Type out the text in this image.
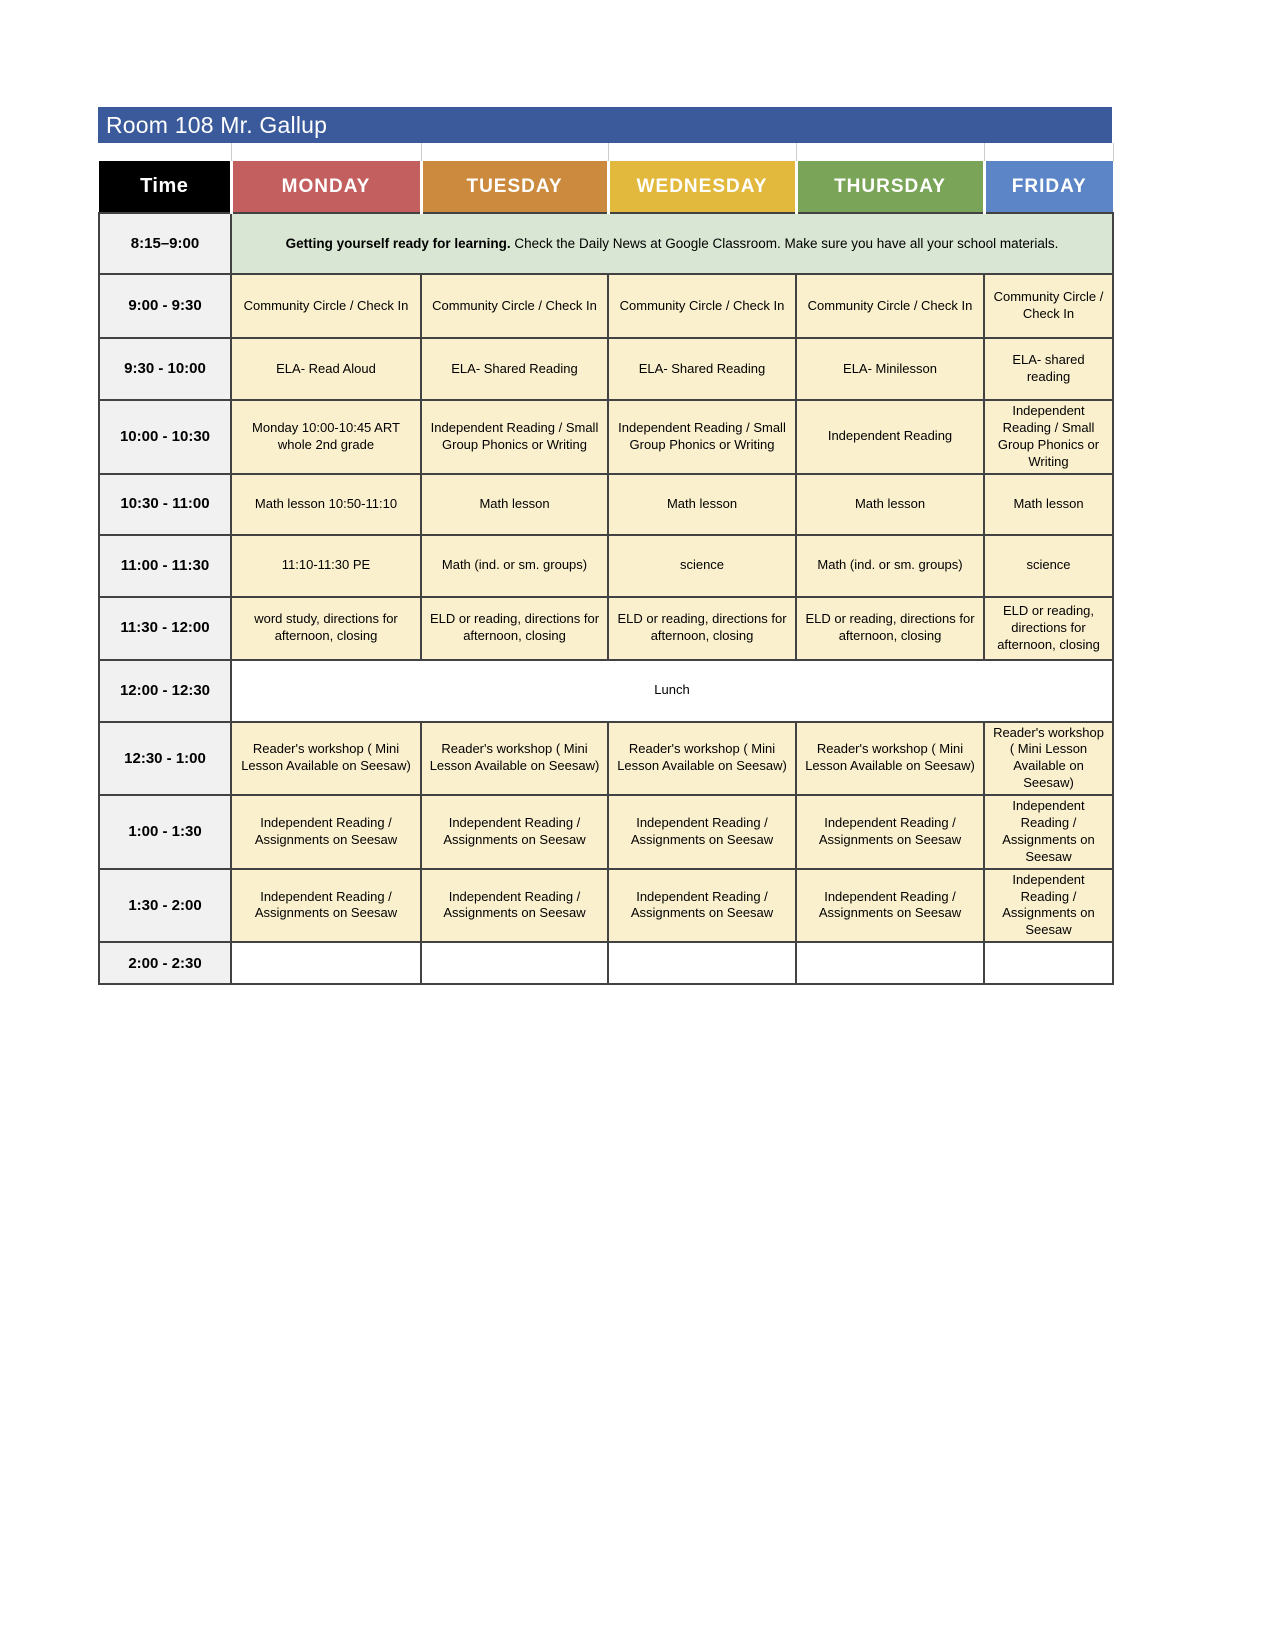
Room 108 Mr. Gallup

Time	MONDAY	TUESDAY	WEDNESDAY	THURSDAY	FRIDAY
8:15–9:00	Getting yourself ready for learning. Check the Daily News at Google Classroom. Make sure you have all your school materials.				
9:00 - 9:30	Community Circle / Check In	Community Circle / Check In	Community Circle / Check In	Community Circle / Check In	Community Circle / Check In
9:30 - 10:00	ELA- Read Aloud	ELA- Shared Reading	ELA- Shared Reading	ELA- Minilesson	ELA- shared reading
10:00 - 10:30	Monday 10:00-10:45 ART whole 2nd grade	Independent Reading / Small Group Phonics or Writing	Independent Reading / Small Group Phonics or Writing	Independent Reading	Independent Reading / Small Group Phonics or Writing
10:30 - 11:00	Math lesson 10:50-11:10	Math lesson	Math lesson	Math lesson	Math lesson
11:00 - 11:30	11:10-11:30 PE	Math (ind. or sm. groups)	science	Math (ind. or sm. groups)	science
11:30 - 12:00	word study, directions for afternoon, closing	ELD or reading, directions for afternoon, closing	ELD or reading, directions for afternoon, closing	ELD or reading, directions for afternoon, closing	ELD or reading, directions for afternoon, closing
12:00 - 12:30	Lunch				
12:30 - 1:00	Reader's workshop ( Mini Lesson Available on Seesaw)	Reader's workshop ( Mini Lesson Available on Seesaw)	Reader's workshop ( Mini Lesson Available on Seesaw)	Reader's workshop ( Mini Lesson Available on Seesaw)	Reader's workshop ( Mini Lesson Available on Seesaw)
1:00 - 1:30	Independent Reading / Assignments on Seesaw	Independent Reading / Assignments on Seesaw	Independent Reading / Assignments on Seesaw	Independent Reading / Assignments on Seesaw	Independent Reading / Assignments on Seesaw
1:30 - 2:00	Independent Reading / Assignments on Seesaw	Independent Reading / Assignments on Seesaw	Independent Reading / Assignments on Seesaw	Independent Reading / Assignments on Seesaw	Independent Reading / Assignments on Seesaw
2:00 - 2:30					
